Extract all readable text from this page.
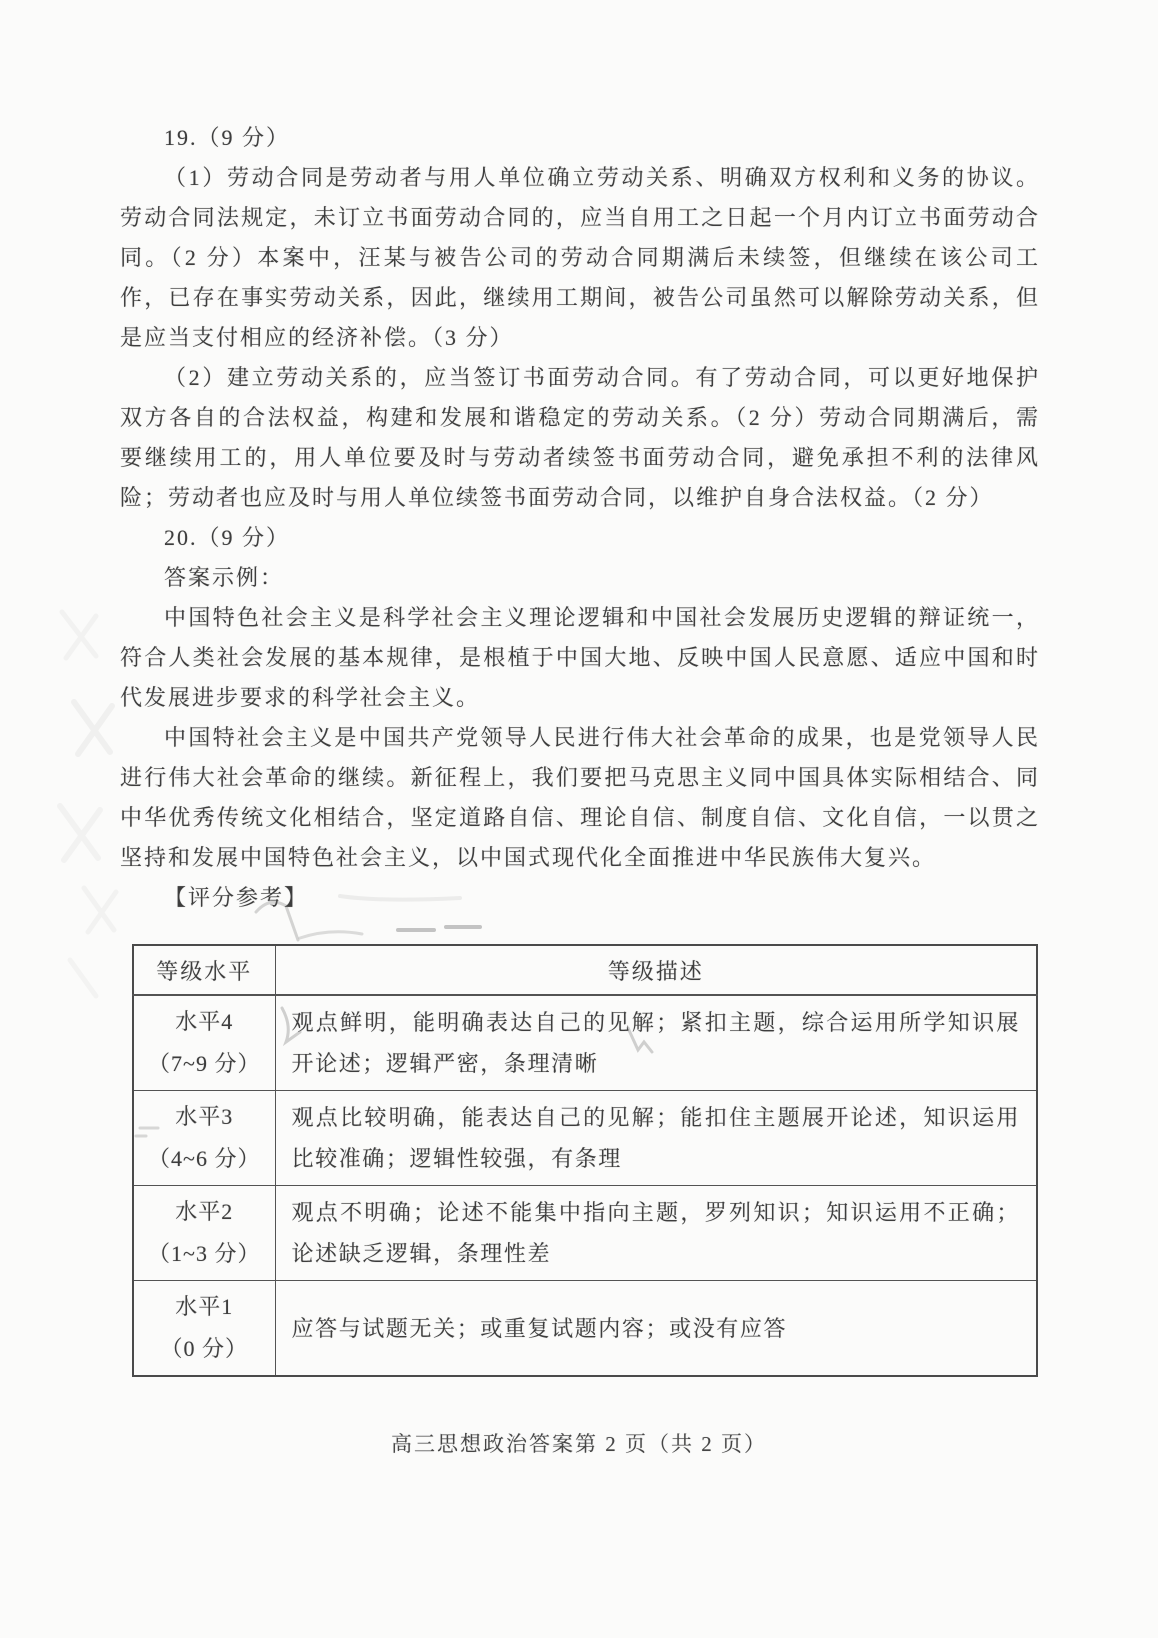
19.（9 分）

（1）劳动合同是劳动者与用人单位确立劳动关系、明确双方权利和义务的协议。劳动合同法规定，未订立书面劳动合同的，应当自用工之日起一个月内订立书面劳动合同。（2 分）本案中，汪某与被告公司的劳动合同期满后未续签，但继续在该公司工作，已存在事实劳动关系，因此，继续用工期间，被告公司虽然可以解除劳动关系，但是应当支付相应的经济补偿。（3 分）

（2）建立劳动关系的，应当签订书面劳动合同。有了劳动合同，可以更好地保护双方各自的合法权益，构建和发展和谐稳定的劳动关系。（2 分）劳动合同期满后，需要继续用工的，用人单位要及时与劳动者续签书面劳动合同，避免承担不利的法律风险；劳动者也应及时与用人单位续签书面劳动合同，以维护自身合法权益。（2 分）

20.（9 分）

答案示例：

中国特色社会主义是科学社会主义理论逻辑和中国社会发展历史逻辑的辩证统一，符合人类社会发展的基本规律，是根植于中国大地、反映中国人民意愿、适应中国和时代发展进步要求的科学社会主义。

中国特社会主义是中国共产党领导人民进行伟大社会革命的成果，也是党领导人民进行伟大社会革命的继续。新征程上，我们要把马克思主义同中国具体实际相结合、同中华优秀传统文化相结合，坚定道路自信、理论自信、制度自信、文化自信，一以贯之坚持和发展中国特色社会主义，以中国式现代化全面推进中华民族伟大复兴。

【评分参考】

等级水平	等级描述

水平4
（7~9 分）	观点鲜明，能明确表达自己的见解；紧扣主题，综合运用所学知识展开论述；逻辑严密，条理清晰

水平3
（4~6 分）	观点比较明确，能表达自己的见解；能扣住主题展开论述，知识运用比较准确；逻辑性较强，有条理

水平2
（1~3 分）	观点不明确；论述不能集中指向主题，罗列知识；知识运用不正确；论述缺乏逻辑，条理性差

水平1
（0 分）	应答与试题无关；或重复试题内容；或没有应答
高三思想政治答案第 2 页（共 2 页）
